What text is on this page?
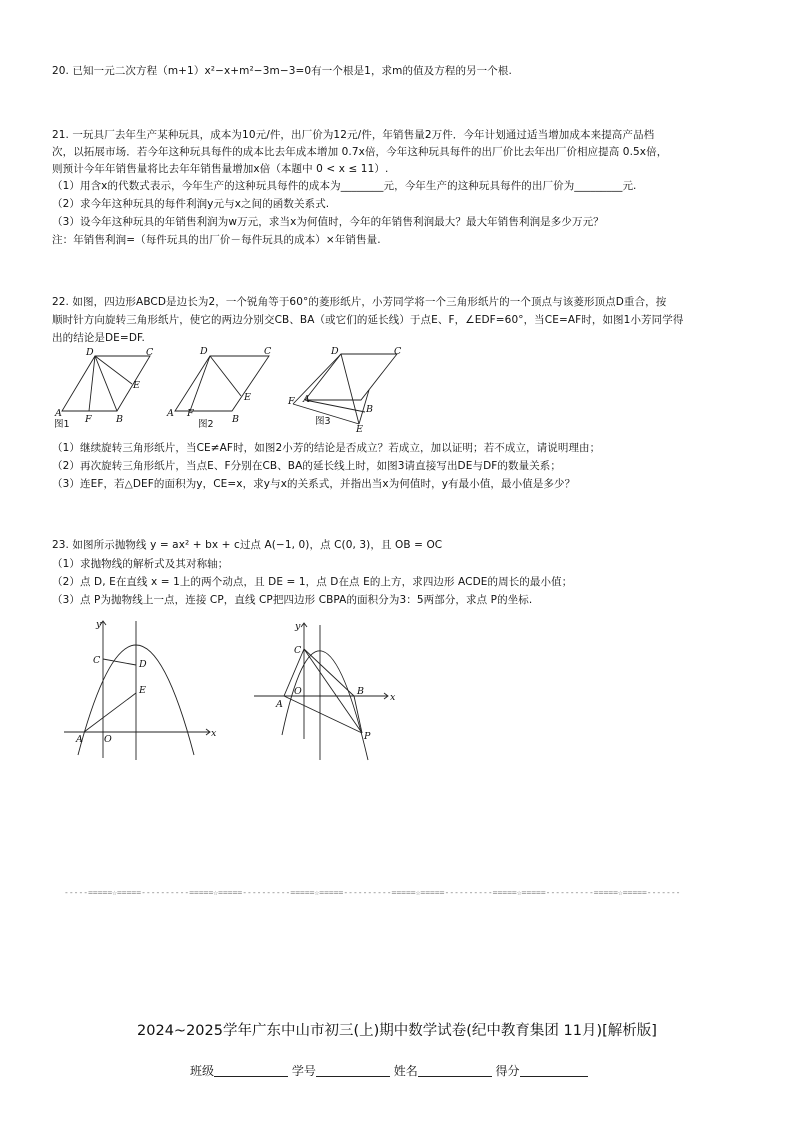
20. 已知一元二次方程（m+1）x²−x+m²−3m−3=0有一个根是1，求m的值及方程的另一个根.
21. 一玩具厂去年生产某种玩具，成本为10元/件，出厂价为12元/件，年销售量2万件．今年计划通过适当增加成本来提高产品档
次，以拓展市场．若今年这种玩具每件的成本比去年成本增加 0.7x倍，今年这种玩具每件的出厂价比去年出厂价相应提高 0.5x倍，
则预计今年年销售量将比去年年销售量增加x倍（本题中 0 < x ≤ 11）.
（1）用含x的代数式表示，今年生产的这种玩具每件的成本为________元，今年生产的这种玩具每件的出厂价为_________元.
（2）求今年这种玩具的每件利润y元与x之间的函数关系式.
（3）设今年这种玩具的年销售利润为w万元，求当x为何值时，今年的年销售利润最大？最大年销售利润是多少万元？
注：年销售利润=（每件玩具的出厂价－每件玩具的成本）×年销售量.
22. 如图，四边形ABCD是边长为2，一个锐角等于60°的菱形纸片，小芳同学将一个三角形纸片的一个顶点与该菱形顶点D重合，按
顺时针方向旋转三角形纸片，使它的两边分别交CB、BA（或它们的延长线）于点E、F，∠EDF=60°，当CE=AF时，如图1小芳同学得
出的结论是DE=DF.
A
B
C
D
E
F
图1
A F
B
C
D
E
图2
F A
B
C
D
E
图3
（1）继续旋转三角形纸片，当CE≠AF时，如图2小芳的结论是否成立？若成立，加以证明；若不成立，请说明理由；
（2）再次旋转三角形纸片，当点E、F分别在CB、BA的延长线上时，如图3请直接写出DE与DF的数量关系；
（3）连EF，若△DEF的面积为y，CE=x，求y与x的关系式，并指出当x为何值时，y有最小值，最小值是多少？
23. 如图所示抛物线 y = ax² + bx + c过点 A(−1, 0)，点 C(0, 3)，且 OB = OC
（1）求抛物线的解析式及其对称轴；
（2）点 D, E在直线 x = 1上的两个动点，且 DE = 1，点 D在点 E的上方，求四边形 ACDE的周长的最小值；
（3）点 P为抛物线上一点，连接 CP，直线 CP把四边形 CBPA的面积分为3：5两部分，求点 P的坐标.
A O
C	D
E
x
y
A
O
C
B
P
x
y
-----=====☆=====----------=====☆=====----------=====☆=====----------=====☆=====----------=====☆=====----------=====☆=====-------
2024~2025学年广东中山市初三(上)期中数学试卷(纪中教育集团 11月)[解析版]
班级	学号	姓名	得分
